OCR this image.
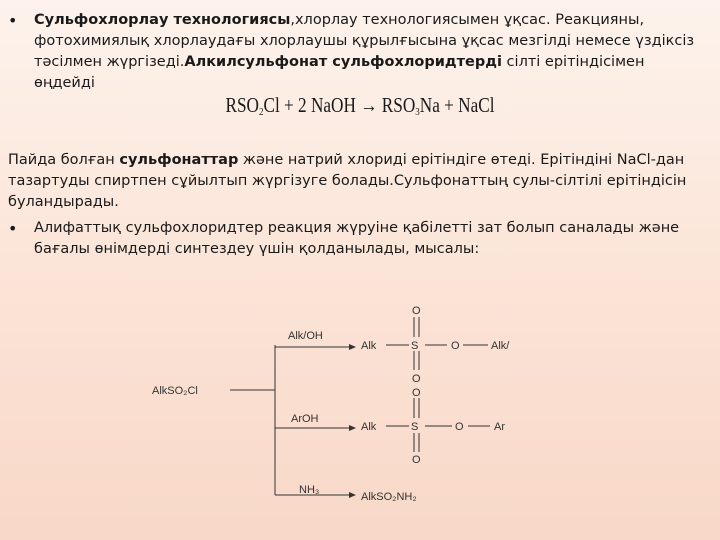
• Сульфохлорлау технологиясы,хлорлау технологиясымен ұқсас. Реакцияны, фотохимиялық хлорлаудағы хлорлаушы құрылғысына ұқсас мезгілді немесе үздіксіз тәсілмен жүргізеді.Алкилсульфонат сульфохлоридтерді сілті ерітіндісімен өңдейді
$RSO_2Cl + 2$ NaOH → $RSO_3Na$ + NaCl
Пайда болған сульфонаттар және натрий хлориді ерітіндіге өтеді. Ерітіндіні NaCl-дан тазартуды спиртпен сұйылтып жүргізуге болады.Сульфонаттың сулы-сілтілі ерітіндісін буландырады.
• Алифаттық сульфохлоридтер реакция жүруіне қабілетті зат болып саналады және бағалы өнімдерді синтездеу үшін қолданылады, мысалы:
AlkSO₂Cl
Alk/OH
Alk	S
O
O
O	Alk/
ArOH
Alk	S
O
O
O	Ar
NH₃
AlkSO₂NH₂
